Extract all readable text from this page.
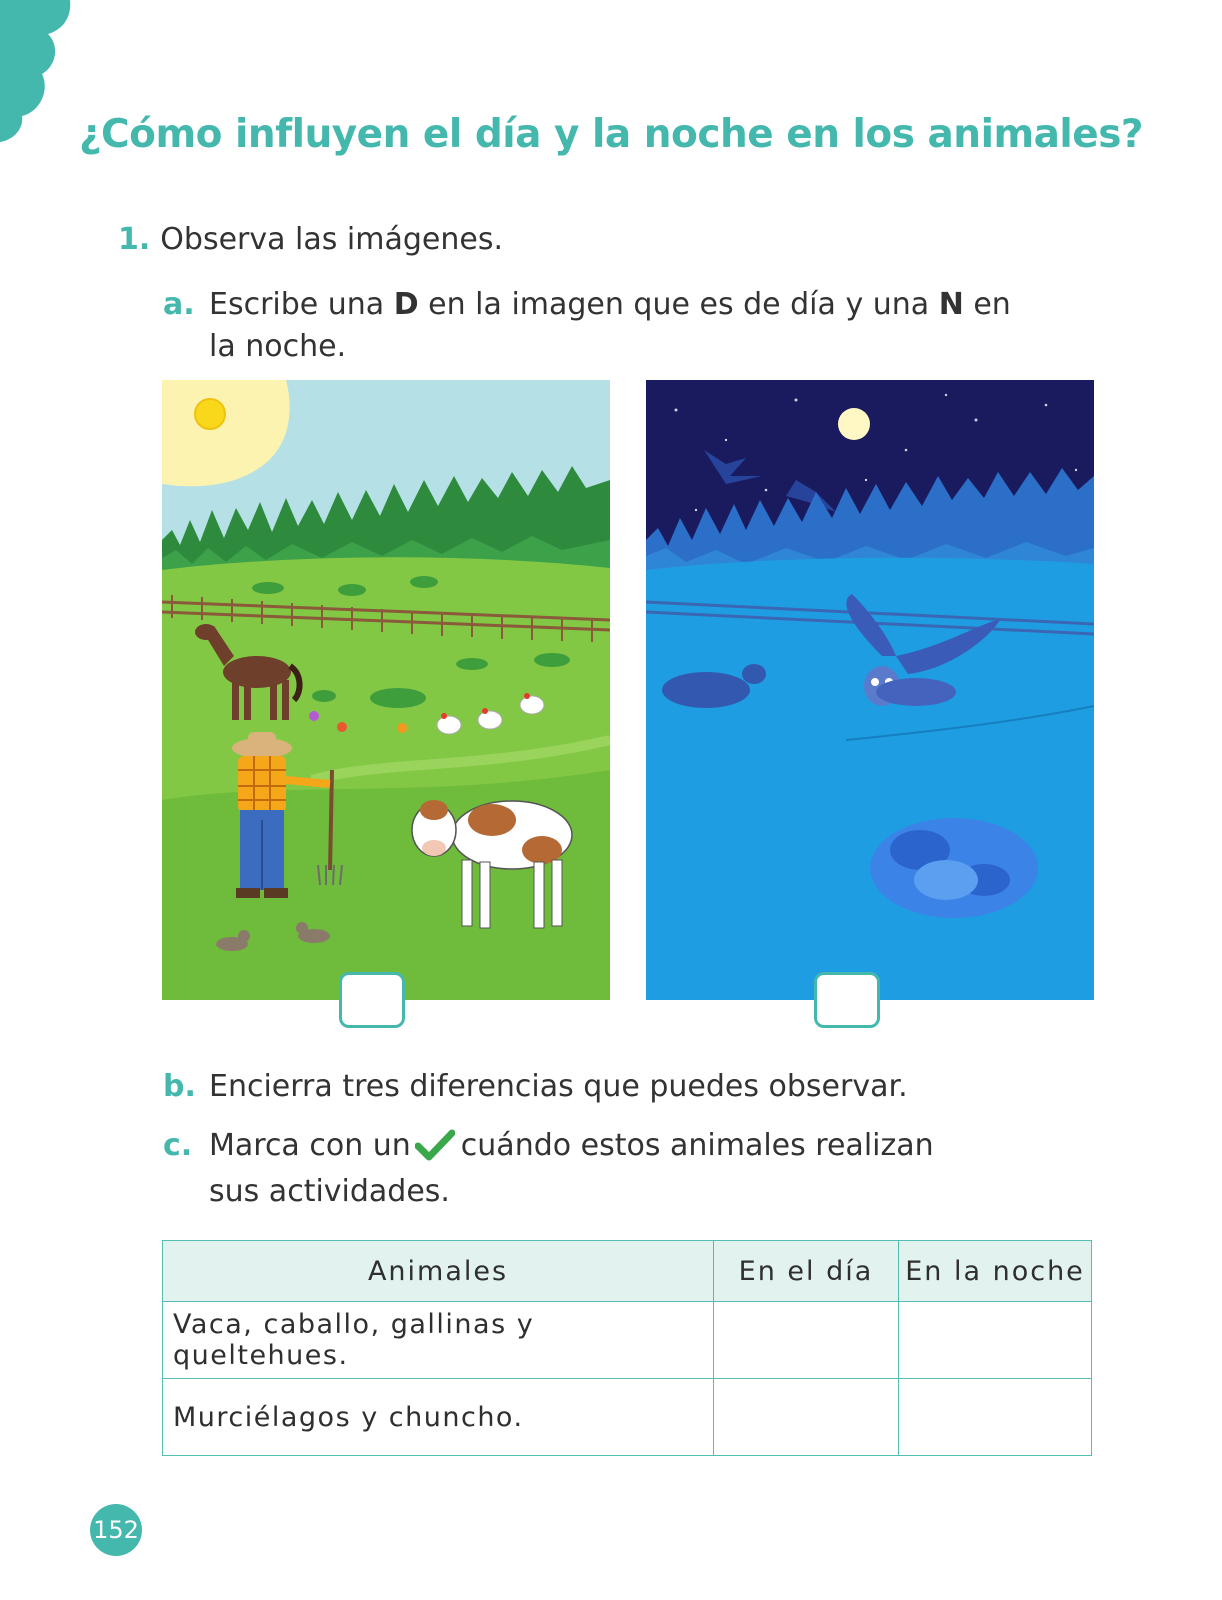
¿Cómo influyen el día y la noche en los animales?
1. Observa las imágenes.
a. Escribe una D en la imagen que es de día y una N en
la noche.
b. Encierra tres diferencias que puedes observar.
c. Marca con un cuándo estos animales realizan
sus actividades.
Animales	En el día	En la noche
Vaca, caballo, gallinas y queltehues.		
Murciélagos y chuncho.		
152
